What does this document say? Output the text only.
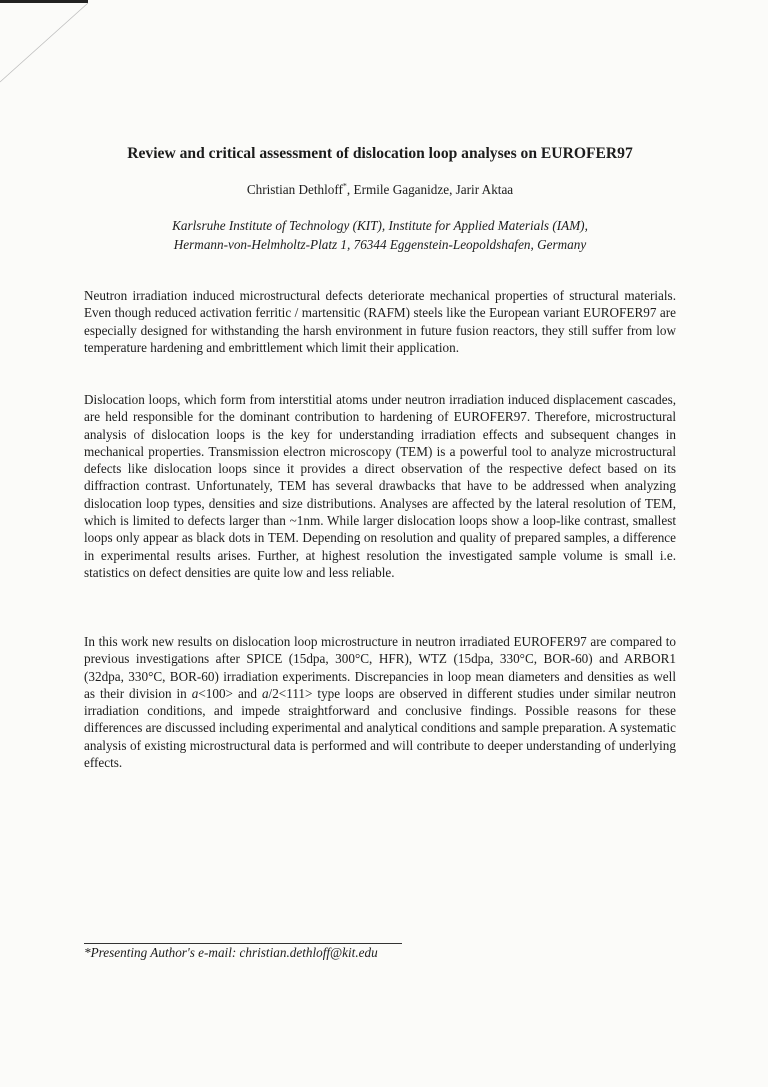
Review and critical assessment of dislocation loop analyses on EUROFER97
Christian Dethloff*, Ermile Gaganidze, Jarir Aktaa
Karlsruhe Institute of Technology (KIT), Institute for Applied Materials (IAM),
Hermann-von-Helmholtz-Platz 1, 76344 Eggenstein-Leopoldshafen, Germany

Neutron irradiation induced microstructural defects deteriorate mechanical properties of structural materials. Even though reduced activation ferritic / martensitic (RAFM) steels like the European variant EUROFER97 are especially designed for withstanding the harsh environment in future fusion reactors, they still suffer from low temperature hardening and embrittlement which limit their application.

Dislocation loops, which form from interstitial atoms under neutron irradiation induced displacement cascades, are held responsible for the dominant contribution to hardening of EUROFER97. Therefore, microstructural analysis of dislocation loops is the key for understanding irradiation effects and subsequent changes in mechanical properties. Transmission electron microscopy (TEM) is a powerful tool to analyze microstructural defects like dislocation loops since it provides a direct observation of the respective defect based on its diffraction contrast. Unfortunately, TEM has several drawbacks that have to be addressed when analyzing dislocation loop types, densities and size distributions. Analyses are affected by the lateral resolution of TEM, which is limited to defects larger than ~1nm. While larger dislocation loops show a loop-like contrast, smallest loops only appear as black dots in TEM. Depending on resolution and quality of prepared samples, a difference in experimental results arises. Further, at highest resolution the investigated sample volume is small i.e. statistics on defect densities are quite low and less reliable.

In this work new results on dislocation loop microstructure in neutron irradiated EUROFER97 are compared to previous investigations after SPICE (15dpa, 300°C, HFR), WTZ (15dpa, 330°C, BOR-60) and ARBOR1 (32dpa, 330°C, BOR-60) irradiation experiments. Discrepancies in loop mean diameters and densities as well as their division in a<100> and a/2<111> type loops are observed in different studies under similar neutron irradiation conditions, and impede straightforward and conclusive findings. Possible reasons for these differences are discussed including experimental and analytical conditions and sample preparation. A systematic analysis of existing microstructural data is performed and will contribute to deeper understanding of underlying effects.

*Presenting Author's e-mail: christian.dethloff@kit.edu
